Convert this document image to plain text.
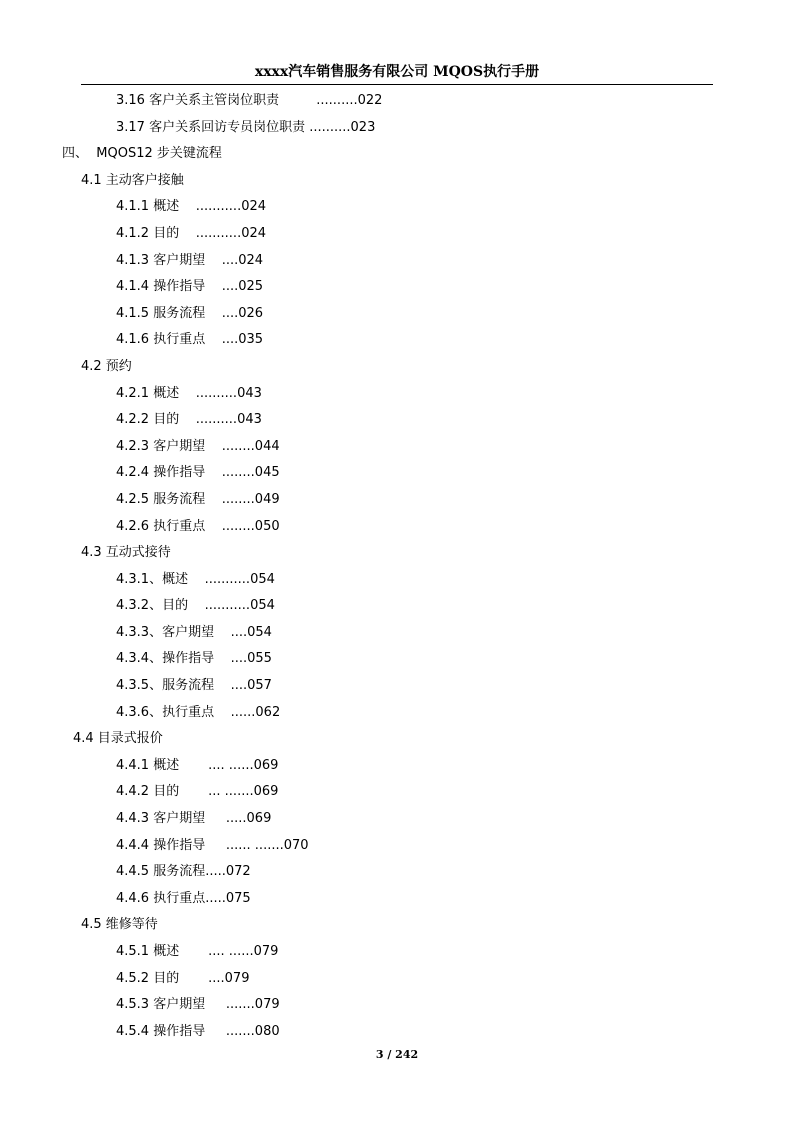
xxxx汽车销售服务有限公司 MQOS执行手册
3.16 客户关系主管岗位职责         ..........022
3.17 客户关系回访专员岗位职责 ..........023
四、  MQOS12 步关键流程
4.1 主动客户接触
4.1.1 概述    ...........024
4.1.2 目的    ...........024
4.1.3 客户期望    ....024
4.1.4 操作指导    ....025
4.1.5 服务流程    ....026
4.1.6 执行重点    ....035
4.2 预约
4.2.1 概述    ..........043
4.2.2 目的    ..........043
4.2.3 客户期望    ........044
4.2.4 操作指导    ........045
4.2.5 服务流程    ........049
4.2.6 执行重点    ........050
4.3 互动式接待
4.3.1、概述    ...........054
4.3.2、目的    ...........054
4.3.3、客户期望    ....054
4.3.4、操作指导    ....055
4.3.5、服务流程    ....057
4.3.6、执行重点    ......062
4.4 目录式报价
4.4.1 概述       .... ......069
4.4.2 目的       ... .......069
4.4.3 客户期望     .....069
4.4.4 操作指导     ...... .......070
4.4.5 服务流程.....072
4.4.6 执行重点.....075
4.5 维修等待
4.5.1 概述       .... ......079
4.5.2 目的       ....079
4.5.3 客户期望     .......079
4.5.4 操作指导     .......080
3 / 242
